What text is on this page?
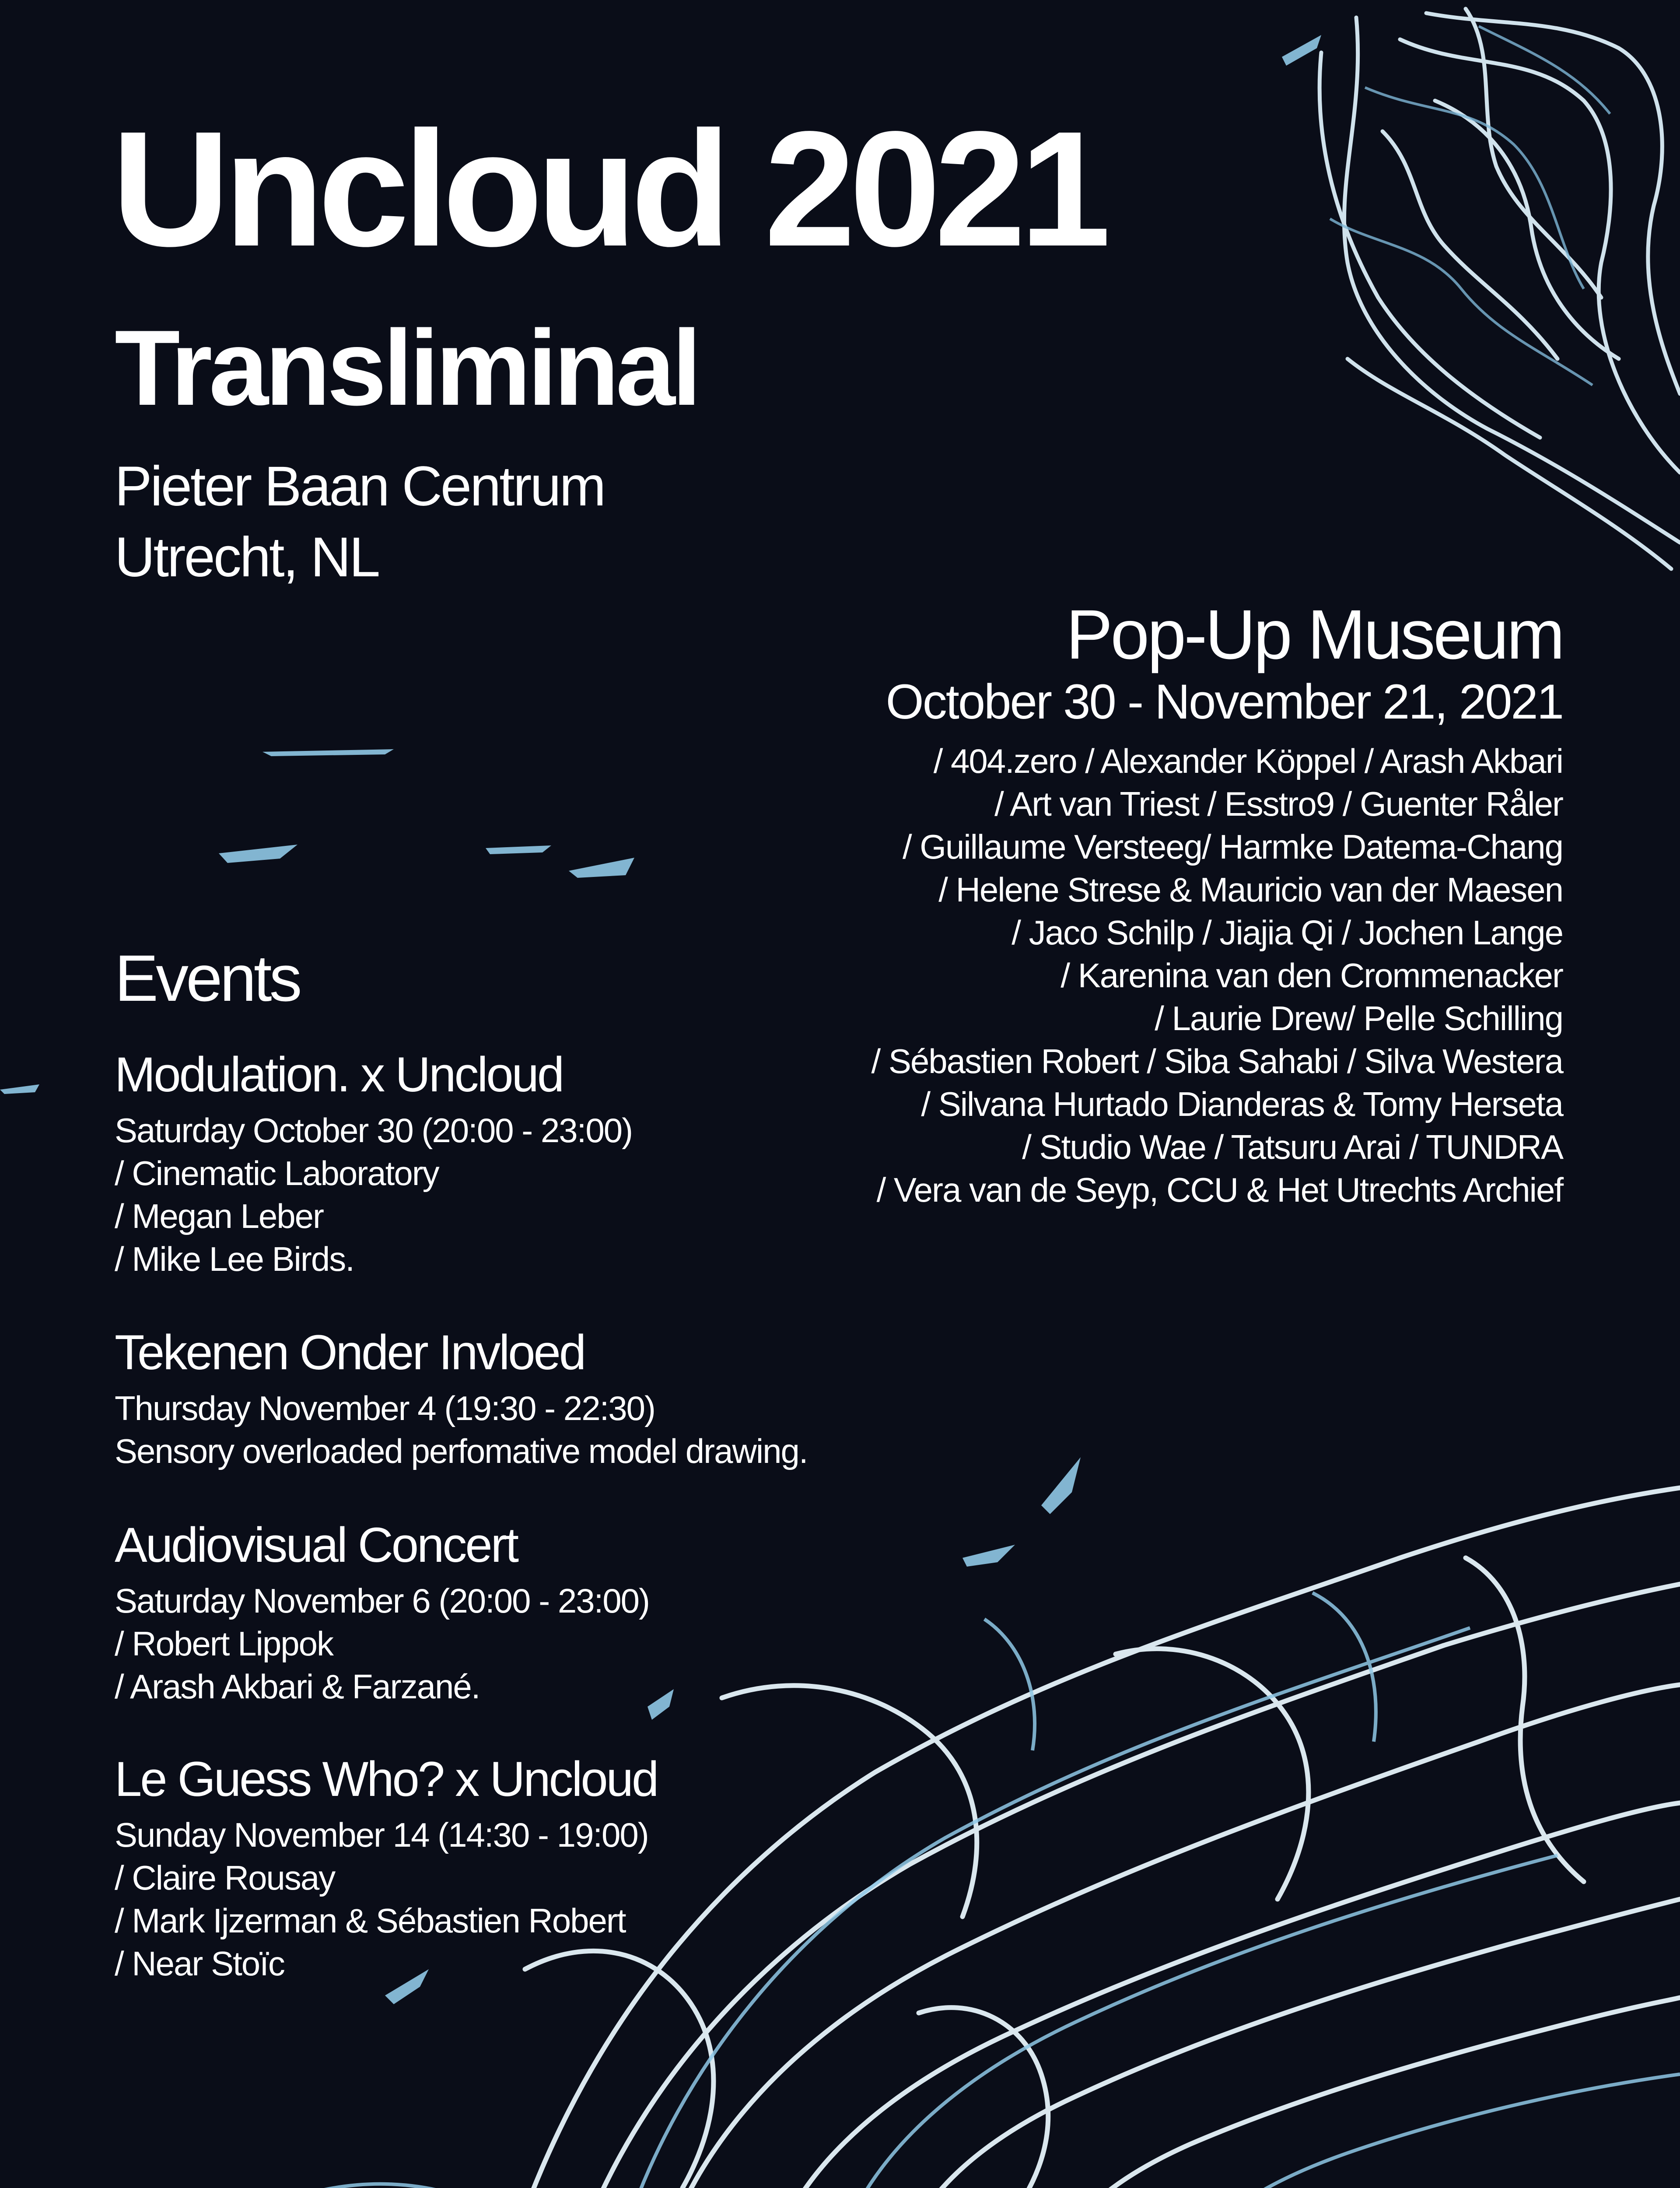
Uncloud 2021
Transliminal
Pieter Baan Centrum
Utrecht, NL
Pop-Up Museum
October 30 - November 21, 2021
/ 404.zero / Alexander Köppel / Arash Akbari
/ Art van Triest / Esstro9 / Guenter Råler
/ Guillaume Versteeg/ Harmke Datema-Chang
/ Helene Strese & Mauricio van der Maesen
/ Jaco Schilp / Jiajia Qi / Jochen Lange
/ Karenina van den Crommenacker
/ Laurie Drew/ Pelle Schilling
/ Sébastien Robert / Siba Sahabi / Silva Westera
/ Silvana Hurtado Dianderas & Tomy Herseta
/ Studio Wae / Tatsuru Arai / TUNDRA
/ Vera van de Seyp, CCU & Het Utrechts Archief
Events
Modulation. x Uncloud
Saturday October 30 (20:00 - 23:00)
/ Cinematic Laboratory
/ Megan Leber
/ Mike Lee Birds.
Tekenen Onder Invloed
Thursday November 4 (19:30 - 22:30)
Sensory overloaded perfomative model drawing.
Audiovisual Concert
Saturday November 6 (20:00 - 23:00)
/ Robert Lippok
/ Arash Akbari & Farzané.
Le Guess Who? x Uncloud
Sunday November 14 (14:30 - 19:00)
/ Claire Rousay
/ Mark Ijzerman & Sébastien Robert
/ Near Stoïc
